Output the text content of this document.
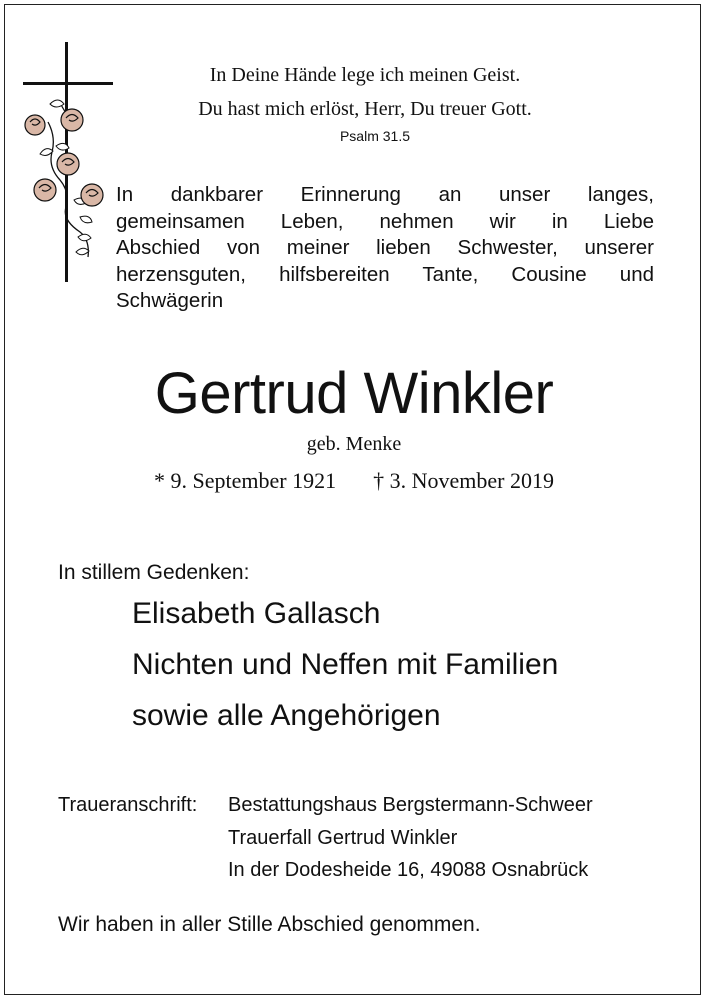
In Deine Hände lege ich meinen Geist.
Du hast mich erlöst, Herr, Du treuer Gott.
Psalm 31.5
In dankbarer Erinnerung an unser langes,
gemeinsamen Leben, nehmen wir in Liebe
Abschied von meiner lieben Schwester, unserer
herzensguten, hilfsbereiten Tante, Cousine und
Schwägerin
Gertrud Winkler
geb. Menke
* 9. September 1921 † 3. November 2019
In stillem Gedenken:
Elisabeth Gallasch
Nichten und Neffen mit Familien
sowie alle Angehörigen
Traueranschrift: Bestattungshaus Bergstermann-Schweer
Trauerfall Gertrud Winkler
In der Dodesheide 16, 49088 Osnabrück
Wir haben in aller Stille Abschied genommen.
